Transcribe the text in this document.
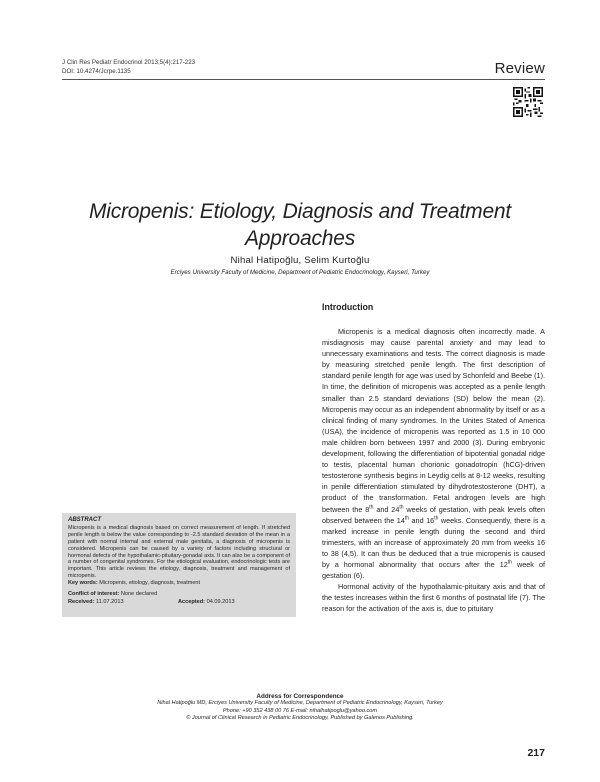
J Clin Res Pediatr Endocrinol 2013;5(4):217-223
DOI: 10.4274/Jcrpe.1135	Review
Micropenis: Etiology, Diagnosis and Treatment
Approaches
Nihal Hatipoğlu, Selim Kurtoğlu
Erciyes University Faculty of Medicine, Department of Pediatric Endocrinology, Kayseri, Turkey
Introduction

Micropenis is a medical diagnosis often incorrectly made. A misdiagnosis may cause parental anxiety and may lead to unnecessary examinations and tests. The correct diagnosis is made by measuring stretched penile length. The first description of standard penile length for age was used by Schonfeld and Beebe (1). In time, the definition of micropenis was accepted as a penile length smaller than 2.5 standard deviations (SD) below the mean (2). Micropenis may occur as an independent abnormality by itself or as a clinical finding of many syndromes. In the Unites Stated of America (USA), the incidence of micropenis was reported as 1.5 in 10 000 male children born between 1997 and 2000 (3). During embryonic development, following the differentiation of bipotential gonadal ridge to testis, placental human chorionic gonadotropin (hCG)-driven testosterone synthesis begins in Leydig cells at 8-12 weeks, resulting in penile differentiation stimulated by dihydrotestosterone (DHT), a product of the transformation. Fetal androgen levels are high between the 8th and 24th weeks of gestation, with peak levels often observed between the 14th and 16th weeks. Consequently, there is a marked increase in penile length during the second and third trimesters, with an increase of approximately 20 mm from weeks 16 to 38 (4,5). It can thus be deduced that a true micropenis is caused by a hormonal abnormality that occurs after the 12th week of gestation (6).

Hormonal activity of the hypothalamic-pituitary axis and that of the testes increases within the first 6 months of postnatal life (7). The reason for the activation of the axis is, due to pituitary

ABSTRACT
Micropenis is a medical diagnosis based on correct measurement of length. If stretched penile length is below the value corresponding to -2.5 standard deviation of the mean in a patient with normal internal and external male genitalia, a diagnosis of micropenis is considered. Micropenis can be caused by a variety of factors including structural or hormonal defects of the hypothalamic-pituitary-gonadal axis. It can also be a component of a number of congenital syndromes. For the etiological evaluation, endocrinologic tests are important. This article reviews the etiology, diagnosis, treatment and management of micropenis.
Key words: Micropenis, etiology, diagnosis, treatment
Conflict of interest: None declared
Received: 11.07.2013	Accepted: 04.09.2013
Address for Correspondence
Nihal Hatipoğlu MD, Erciyes University Faculty of Medicine, Department of Pediatric Endocrinology, Kayseri, Turkey
Phone: +90 352 438 00 76 E-mail: nihalhatipoglu@yahoo.com
© Journal of Clinical Research in Pediatric Endocrinology, Published by Galenos Publishing.
217
